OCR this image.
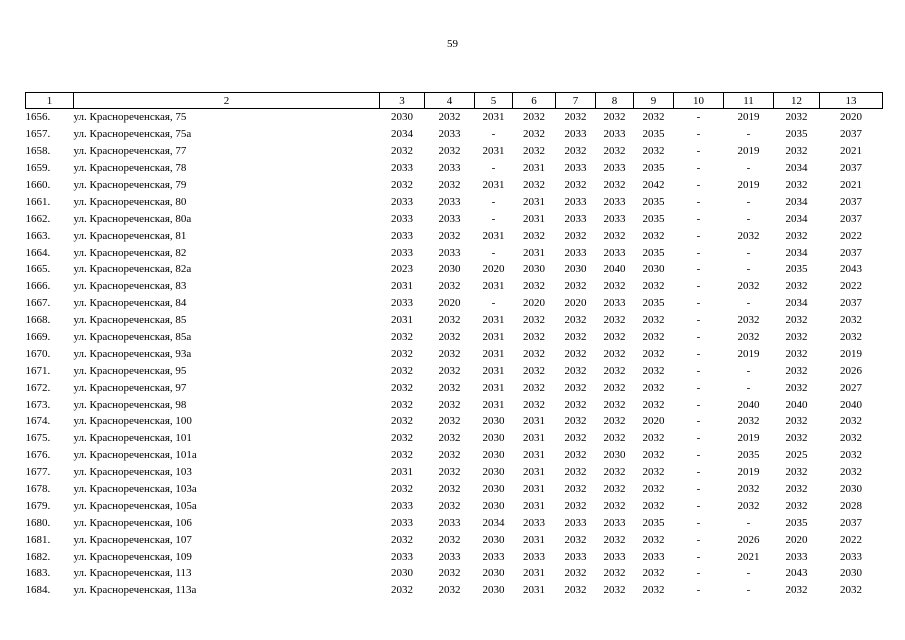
59
1	2	3	4	5	6	7	8	9	10	11	12	13
1656.	ул. Краснореченская, 75	2030	2032	2031	2032	2032	2032	2032	-	2019	2032	2020
1657.	ул. Краснореченская, 75а	2034	2033	-	2032	2033	2033	2035	-	-	2035	2037
1658.	ул. Краснореченская, 77	2032	2032	2031	2032	2032	2032	2032	-	2019	2032	2021
1659.	ул. Краснореченская, 78	2033	2033	-	2031	2033	2033	2035	-	-	2034	2037
1660.	ул. Краснореченская, 79	2032	2032	2031	2032	2032	2032	2042	-	2019	2032	2021
1661.	ул. Краснореченская, 80	2033	2033	-	2031	2033	2033	2035	-	-	2034	2037
1662.	ул. Краснореченская, 80а	2033	2033	-	2031	2033	2033	2035	-	-	2034	2037
1663.	ул. Краснореченская, 81	2033	2032	2031	2032	2032	2032	2032	-	2032	2032	2022
1664.	ул. Краснореченская, 82	2033	2033	-	2031	2033	2033	2035	-	-	2034	2037
1665.	ул. Краснореченская, 82а	2023	2030	2020	2030	2030	2040	2030	-	-	2035	2043
1666.	ул. Краснореченская, 83	2031	2032	2031	2032	2032	2032	2032	-	2032	2032	2022
1667.	ул. Краснореченская, 84	2033	2020	-	2020	2020	2033	2035	-	-	2034	2037
1668.	ул. Краснореченская, 85	2031	2032	2031	2032	2032	2032	2032	-	2032	2032	2032
1669.	ул. Краснореченская, 85а	2032	2032	2031	2032	2032	2032	2032	-	2032	2032	2032
1670.	ул. Краснореченская, 93а	2032	2032	2031	2032	2032	2032	2032	-	2019	2032	2019
1671.	ул. Краснореченская, 95	2032	2032	2031	2032	2032	2032	2032	-	-	2032	2026
1672.	ул. Краснореченская, 97	2032	2032	2031	2032	2032	2032	2032	-	-	2032	2027
1673.	ул. Краснореченская, 98	2032	2032	2031	2032	2032	2032	2032	-	2040	2040	2040
1674.	ул. Краснореченская, 100	2032	2032	2030	2031	2032	2032	2020	-	2032	2032	2032
1675.	ул. Краснореченская, 101	2032	2032	2030	2031	2032	2032	2032	-	2019	2032	2032
1676.	ул. Краснореченская, 101а	2032	2032	2030	2031	2032	2030	2032	-	2035	2025	2032
1677.	ул. Краснореченская, 103	2031	2032	2030	2031	2032	2032	2032	-	2019	2032	2032
1678.	ул. Краснореченская, 103а	2032	2032	2030	2031	2032	2032	2032	-	2032	2032	2030
1679.	ул. Краснореченская, 105а	2033	2032	2030	2031	2032	2032	2032	-	2032	2032	2028
1680.	ул. Краснореченская, 106	2033	2033	2034	2033	2033	2033	2035	-	-	2035	2037
1681.	ул. Краснореченская, 107	2032	2032	2030	2031	2032	2032	2032	-	2026	2020	2022
1682.	ул. Краснореченская, 109	2033	2033	2033	2033	2033	2033	2033	-	2021	2033	2033
1683.	ул. Краснореченская, 113	2030	2032	2030	2031	2032	2032	2032	-	-	2043	2030
1684.	ул. Краснореченская, 113а	2032	2032	2030	2031	2032	2032	2032	-	-	2032	2032
